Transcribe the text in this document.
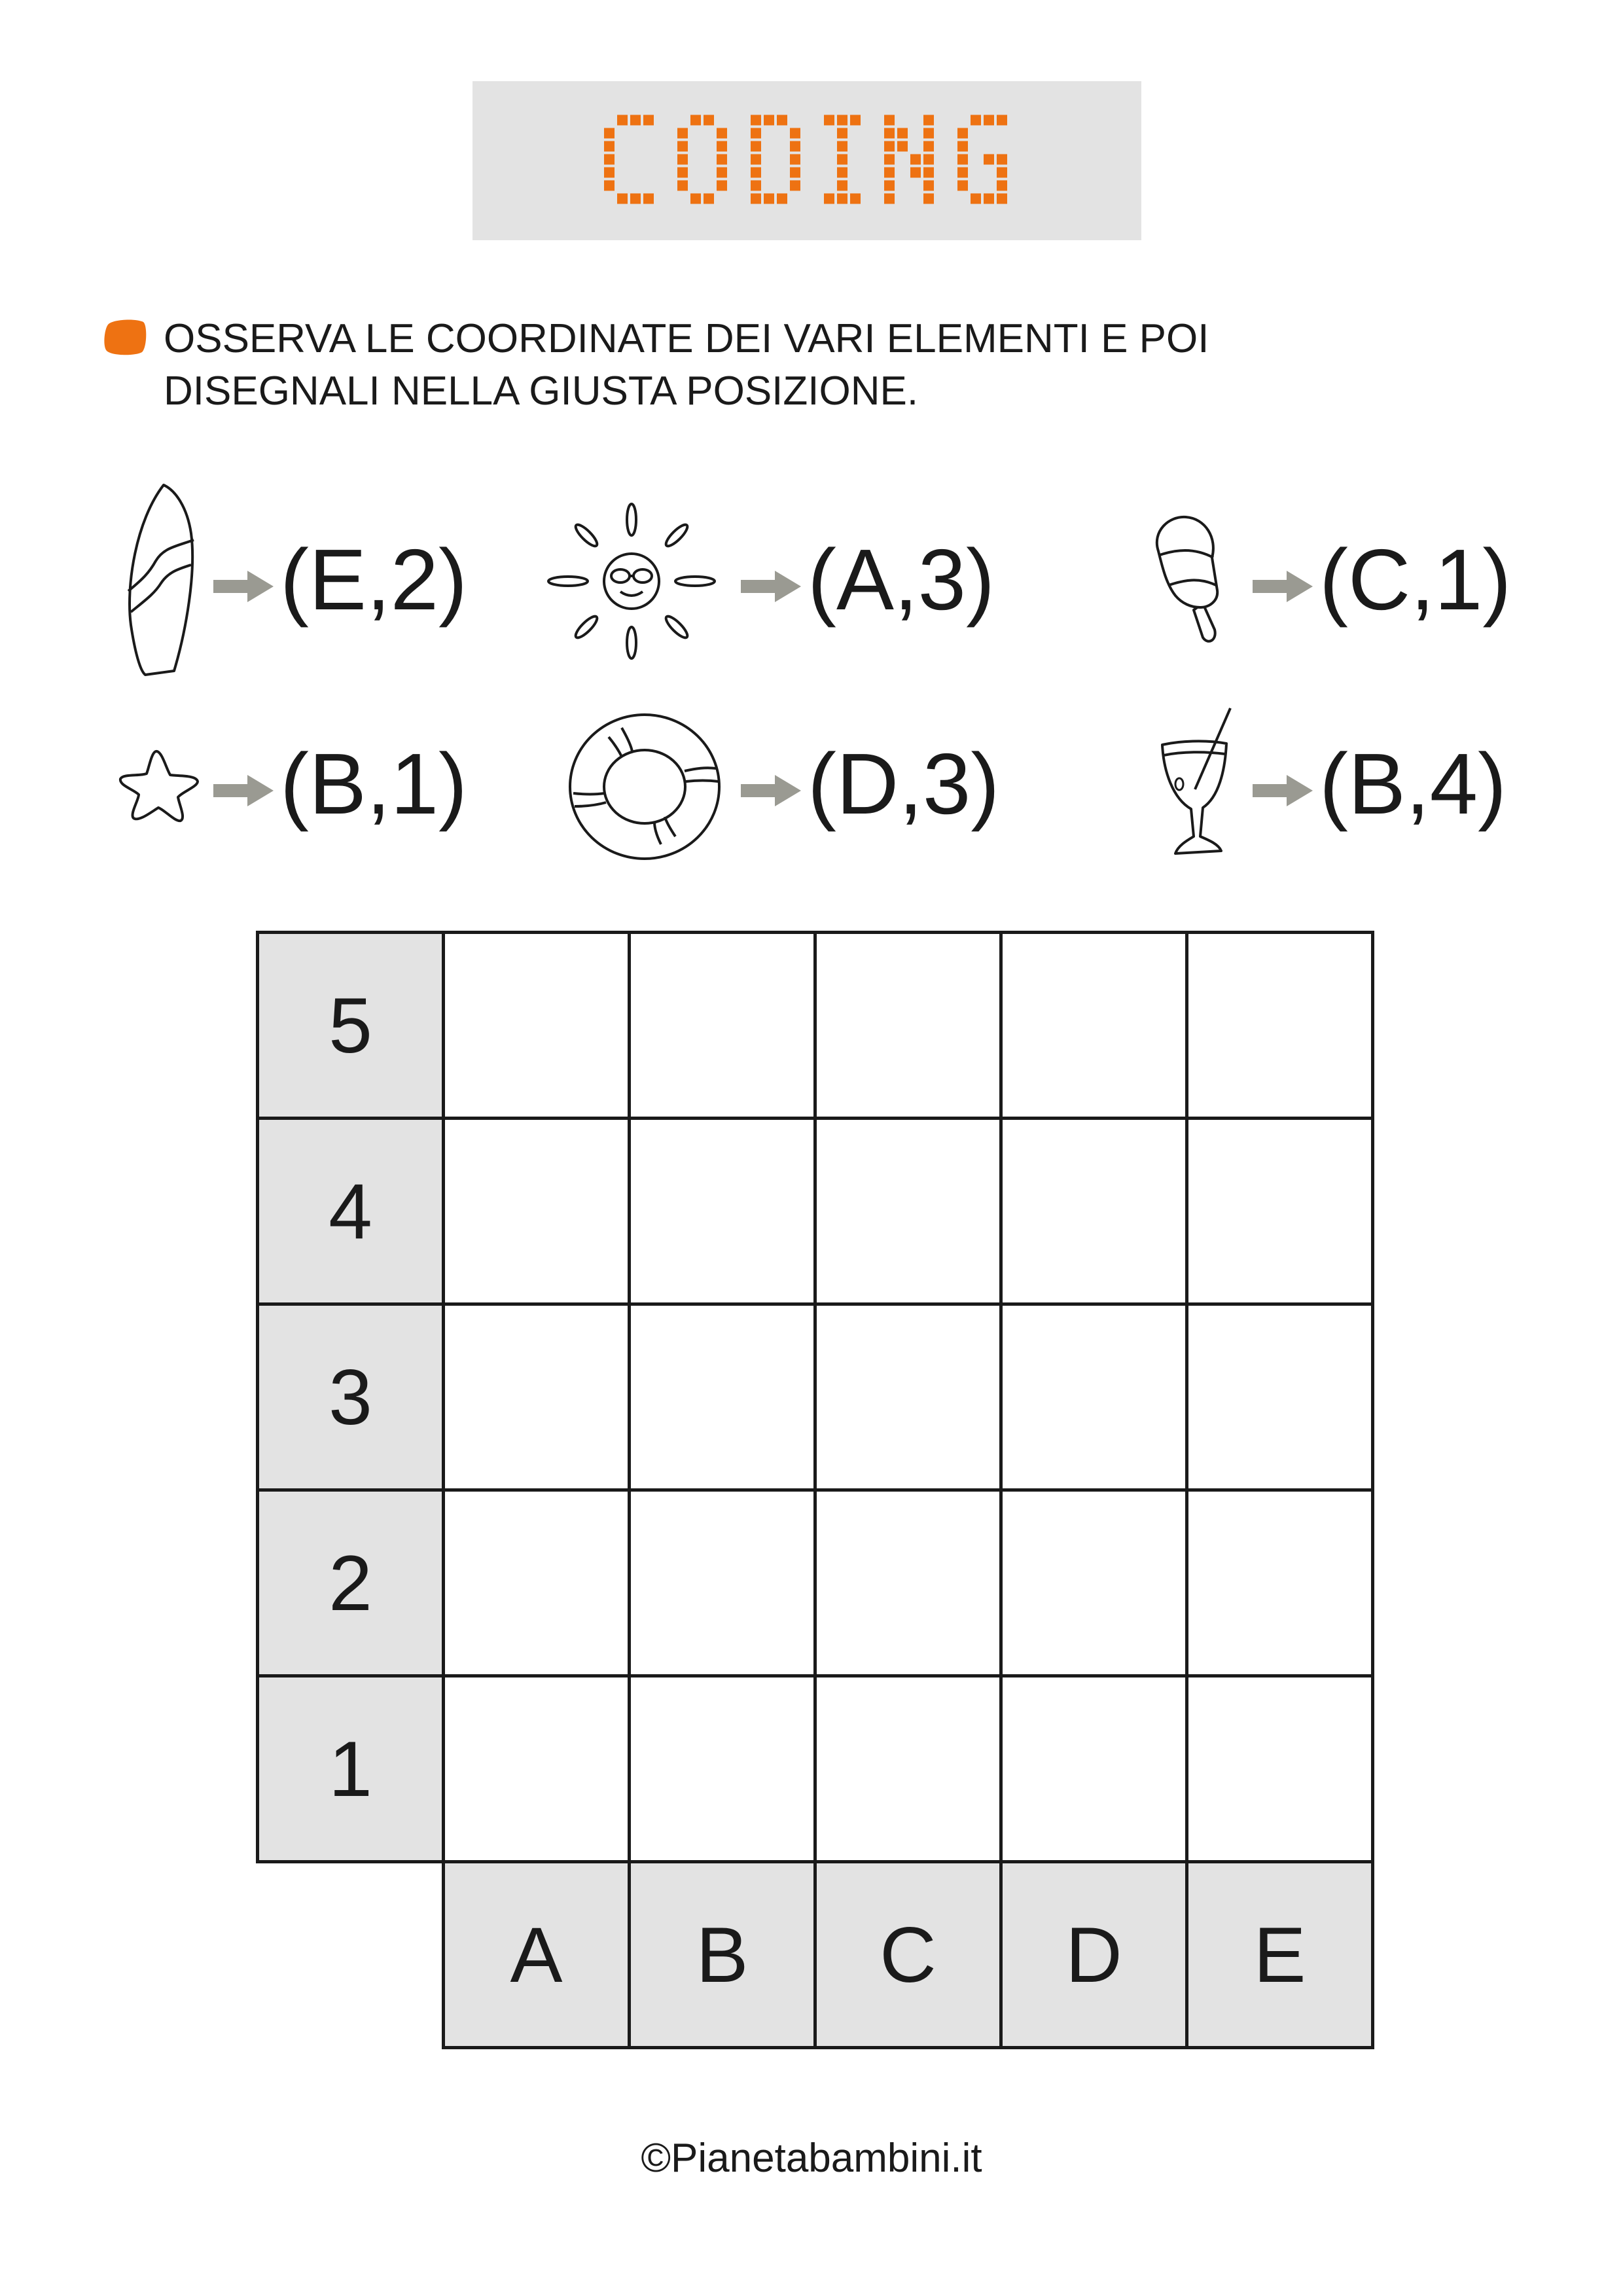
OSSERVA LE COORDINATE DEI VARI ELEMENTI E POI
DISEGNALI NELLA GIUSTA POSIZIONE.

(E,2)	(A,3)	(C,1)
(B,1)	(D,3)	(B,4)
5
4
3
2
1
A	B	C	D	E
©Pianetabambini.it
